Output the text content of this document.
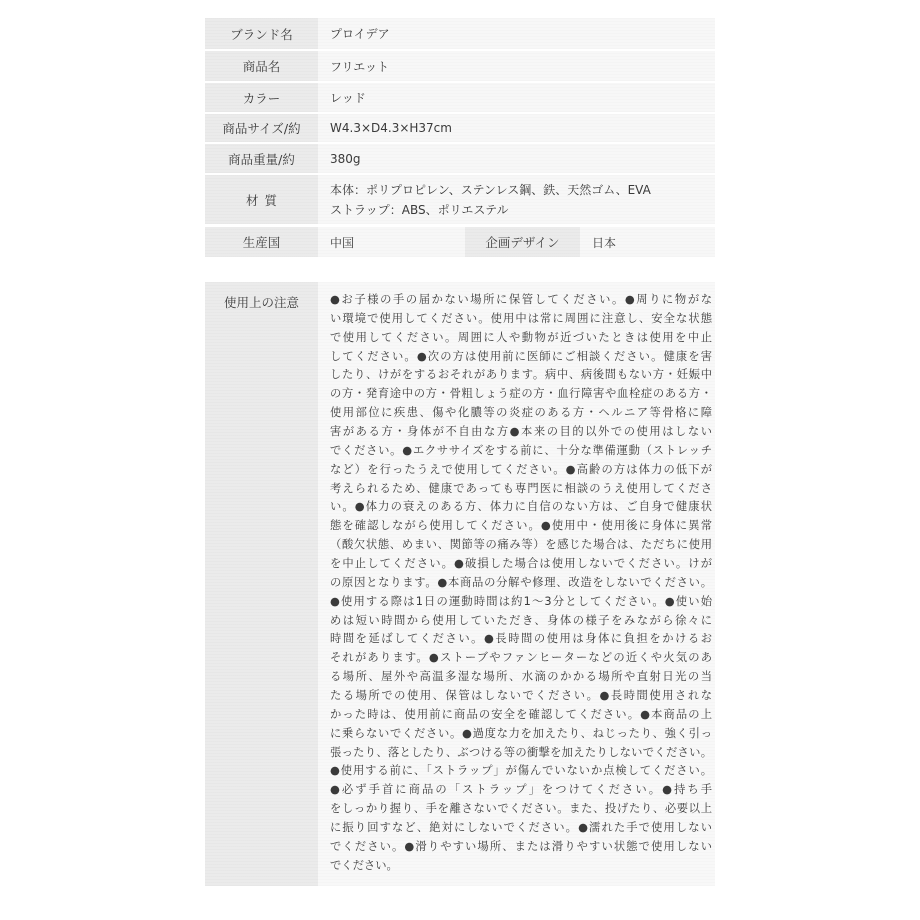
ブランド名	プロイデア
商品名	フリエット
カラー	レッド
商品サイズ/約	W4.3×D4.3×H37cm
商品重量/約	380g
材質
本体：ポリプロピレン、ステンレス鋼、鉄、天然ゴム、EVA
ストラップ：ABS、ポリエステル
生産国	中国	企画デザイン	日本
使用上の注意	●お子様の手の届かない場所に保管してください。●周りに物がな
い環境で使用してください。使用中は常に周囲に注意し、安全な状態
で使用してください。周囲に人や動物が近づいたときは使用を中止
してください。●次の方は使用前に医師にご相談ください。健康を害
したり、けがをするおそれがあります。病中、病後間もない方・妊娠中
の方・発育途中の方・骨粗しょう症の方・血行障害や血栓症のある方・
使用部位に疾患、傷や化膿等の炎症のある方・ヘルニア等骨格に障
害がある方・身体が不自由な方●本来の目的以外での使用はしない
でください。●エクササイズをする前に、十分な準備運動（ストレッチ
など）を行ったうえで使用してください。●高齢の方は体力の低下が
考えられるため、健康であっても専門医に相談のうえ使用してくださ
い。●体力の衰えのある方、体力に自信のない方は、ご自身で健康状
態を確認しながら使用してください。●使用中・使用後に身体に異常
（酸欠状態、めまい、関節等の痛み等）を感じた場合は、ただちに使用
を中止してください。●破損した場合は使用しないでください。けが
の原因となります。●本商品の分解や修理、改造をしないでください。
●使用する際は1日の運動時間は約1～3分としてください。●使い始
めは短い時間から使用していただき、身体の様子をみながら徐々に
時間を延ばしてください。●長時間の使用は身体に負担をかけるお
それがあります。●ストーブやファンヒーターなどの近くや火気のあ
る場所、屋外や高温多湿な場所、水滴のかかる場所や直射日光の当
たる場所での使用、保管はしないでください。●長時間使用されな
かった時は、使用前に商品の安全を確認してください。●本商品の上
に乗らないでください。●過度な力を加えたり、ねじったり、強く引っ
張ったり、落としたり、ぶつける等の衝撃を加えたりしないでください。
●使用する前に、「ストラップ」が傷んでいないか点検してください。
●必ず手首に商品の「ストラップ」をつけてください。●持ち手
をしっかり握り、手を離さないでください。また、投げたり、必要以上
に振り回すなど、絶対にしないでください。●濡れた手で使用しない
でください。●滑りやすい場所、または滑りやすい状態で使用しない
でください。
